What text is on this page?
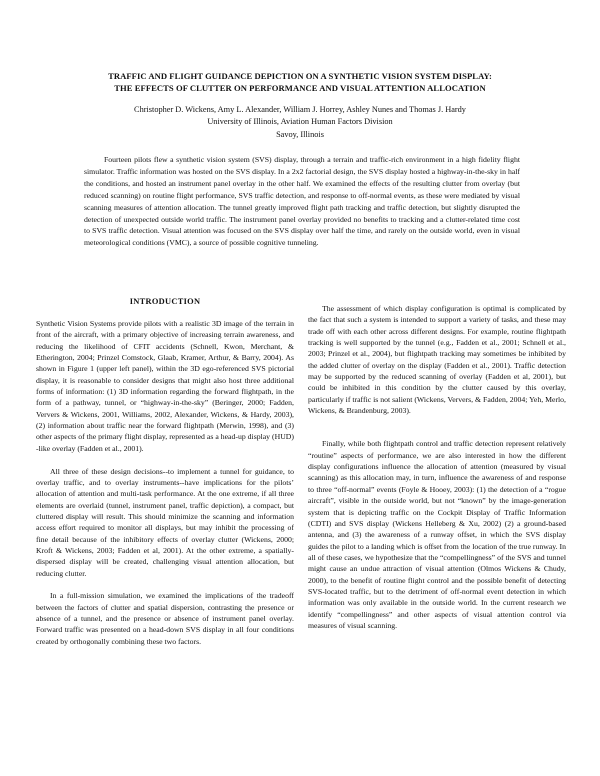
TRAFFIC AND FLIGHT GUIDANCE DEPICTION ON A SYNTHETIC VISION SYSTEM DISPLAY:
THE EFFECTS OF CLUTTER ON PERFORMANCE AND VISUAL ATTENTION ALLOCATION
Christopher D. Wickens, Amy L. Alexander, William J. Horrey, Ashley Nunes and Thomas J. Hardy
University of Illinois, Aviation Human Factors Division
Savoy, Illinois

Fourteen pilots flew a synthetic vision system (SVS) display, through a terrain and traffic-rich environment in a high fidelity flight simulator. Traffic information was hosted on the SVS display. In a 2x2 factorial design, the SVS display hosted a highway-in-the-sky in half the conditions, and hosted an instrument panel overlay in the other half. We examined the effects of the resulting clutter from overlay (but reduced scanning) on routine flight performance, SVS traffic detection, and response to off-normal events, as these were mediated by visual scanning measures of attention allocation. The tunnel greatly improved flight path tracking and traffic detection, but slightly disrupted the detection of unexpected outside world traffic. The instrument panel overlay provided no benefits to tracking and a clutter-related time cost to SVS traffic detection. Visual attention was focused on the SVS display over half the time, and rarely on the outside world, even in visual meteorological conditions (VMC), a source of possible cognitive tunneling.

INTRODUCTION

Synthetic Vision Systems provide pilots with a realistic 3D image of the terrain in front of the aircraft, with a primary objective of increasing terrain awareness, and reducing the likelihood of CFIT accidents (Schnell, Kwon, Merchant, & Etherington, 2004; Prinzel Comstock, Glaab, Kramer, Arthur, & Barry, 2004). As shown in Figure 1 (upper left panel), within the 3D ego-referenced SVS pictorial display, it is reasonable to consider designs that might also host three additional forms of information: (1) 3D information regarding the forward flightpath, in the form of a pathway, tunnel, or “highway-in-the-sky” (Beringer, 2000; Fadden, Ververs & Wickens, 2001, Williams, 2002, Alexander, Wickens, & Hardy, 2003), (2) information about traffic near the forward flightpath (Merwin, 1998), and (3) other aspects of the primary flight display, represented as a head-up display (HUD) -like overlay (Fadden et al., 2001).

All three of these design decisions--to implement a tunnel for guidance, to overlay traffic, and to overlay instruments--have implications for the pilots’ allocation of attention and multi-task performance. At the one extreme, if all three elements are overlaid (tunnel, instrument panel, traffic depiction), a compact, but cluttered display will result. This should minimize the scanning and information access effort required to monitor all displays, but may inhibit the processing of fine detail because of the inhibitory effects of overlay clutter (Wickens, 2000; Kroft & Wickens, 2003; Fadden et al, 2001). At the other extreme, a spatially-dispersed display will be created, challenging visual attention allocation, but reducing clutter.

In a full-mission simulation, we examined the implications of the tradeoff between the factors of clutter and spatial dispersion, contrasting the presence or absence of a tunnel, and the presence or absence of instrument panel overlay. Forward traffic was presented on a head-down SVS display in all four conditions created by orthogonally combining these two factors.

The assessment of which display configuration is optimal is complicated by the fact that such a system is intended to support a variety of tasks, and these may trade off with each other across different designs. For example, routine flightpath tracking is well supported by the tunnel (e.g., Fadden et al., 2001; Schnell et al., 2003; Prinzel et al., 2004), but flightpath tracking may sometimes be inhibited by the added clutter of overlay on the display (Fadden et al., 2001). Traffic detection may be supported by the reduced scanning of overlay (Fadden et al, 2001), but could be inhibited in this condition by the clutter caused by this overlay, particularly if traffic is not salient (Wickens, Ververs, & Fadden, 2004; Yeh, Merlo, Wickens, & Brandenburg, 2003).

Finally, while both flightpath control and traffic detection represent relatively “routine” aspects of performance, we are also interested in how the different display configurations influence the allocation of attention (measured by visual scanning) as this allocation may, in turn, influence the awareness of and response to three “off-normal” events (Foyle & Hooey, 2003): (1) the detection of a “rogue aircraft”, visible in the outside world, but not “known” by the image-generation system that is depicting traffic on the Cockpit Display of Traffic Information (CDTI) and SVS display (Wickens Helleberg & Xu, 2002) (2) a ground-based antenna, and (3) the awareness of a runway offset, in which the SVS display guides the pilot to a landing which is offset from the location of the true runway. In all of these cases, we hypothesize that the “compellingness” of the SVS and tunnel might cause an undue attraction of visual attention (Olmos Wickens & Chudy, 2000), to the benefit of routine flight control and the possible benefit of detecting SVS-located traffic, but to the detriment of off-normal event detection in which information was only available in the outside world. In the current research we identify “compellingness” and other aspects of visual attention control via measures of visual scanning.
